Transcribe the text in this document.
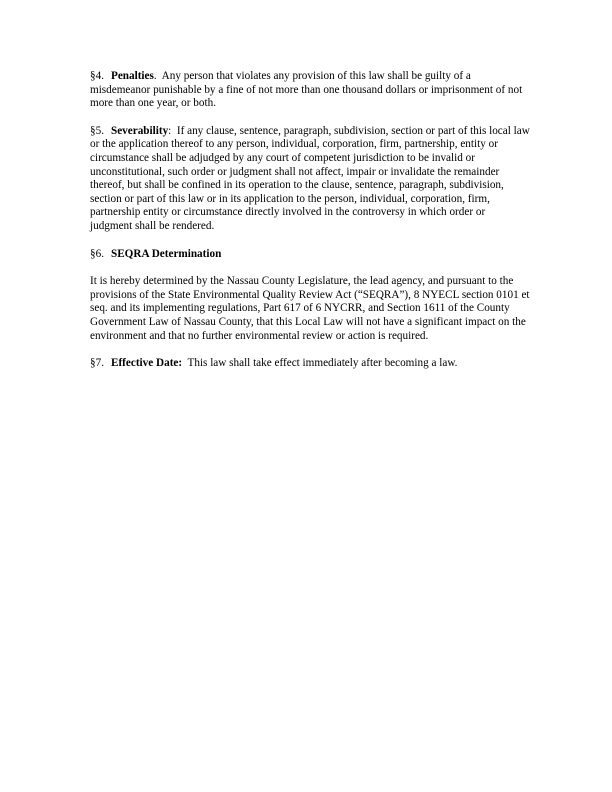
§4. Penalties.  Any person that violates any provision of this law shall be guilty of a misdemeanor punishable by a fine of not more than one thousand dollars or imprisonment of not more than one year, or both.

§5. Severability:  If any clause, sentence, paragraph, subdivision, section or part of this local law or the application thereof to any person, individual, corporation, firm, partnership, entity or circumstance shall be adjudged by any court of competent jurisdiction to be invalid or unconstitutional, such order or judgment shall not affect, impair or invalidate the remainder thereof, but shall be confined in its operation to the clause, sentence, paragraph, subdivision, section or part of this law or in its application to the person, individual, corporation, firm, partnership entity or circumstance directly involved in the controversy in which order or judgment shall be rendered.

§6. SEQRA Determination

It is hereby determined by the Nassau County Legislature, the lead agency, and pursuant to the provisions of the State Environmental Quality Review Act (“SEQRA”), 8 NYECL section 0101 et seq. and its implementing regulations, Part 617 of 6 NYCRR, and Section 1611 of the County Government Law of Nassau County, that this Local Law will not have a significant impact on the environment and that no further environmental review or action is required.

§7. Effective Date: This law shall take effect immediately after becoming a law.
